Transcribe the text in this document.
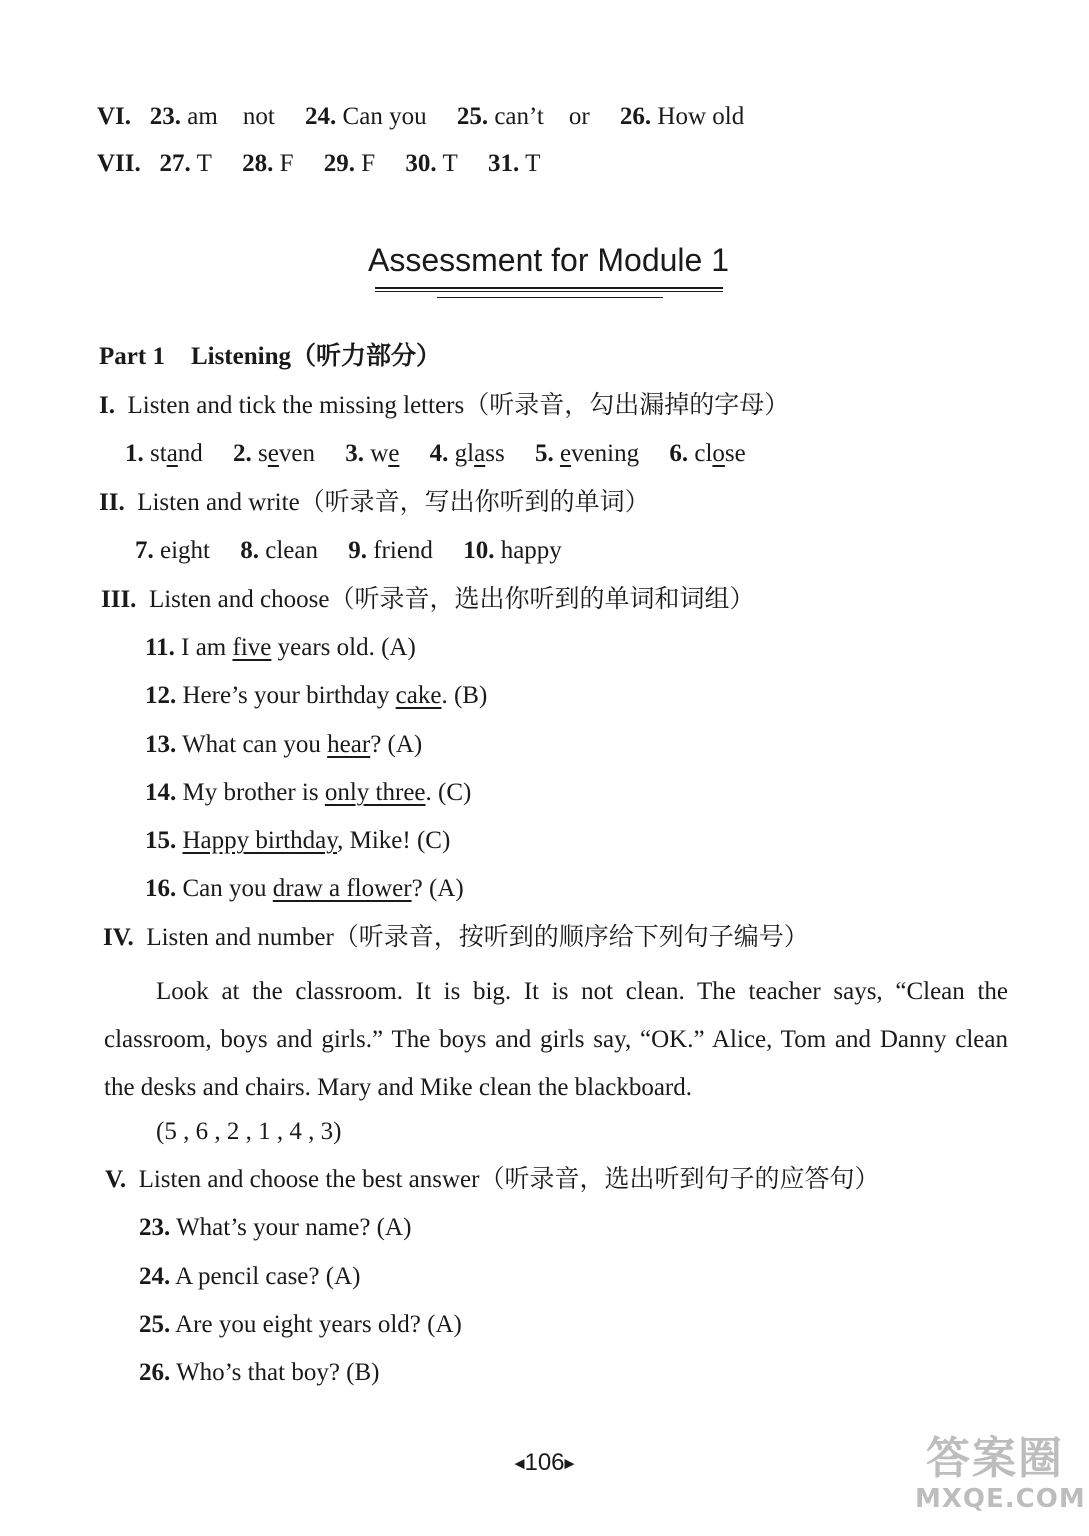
VI. 23. am    not 24. Can you 25. can’t    or 26. How old
VII. 27. T 28. F 29. F 30. T 31. T
Assessment for Module 1
Part 1 Listening（听力部分）
I. Listen and tick the missing letters（听录音，勾出漏掉的字母）
1. stand 2. seven 3. we 4. glass 5. evening 6. close
II. Listen and write（听录音，写出你听到的单词）
7. eight 8. clean 9. friend 10. happy
III. Listen and choose（听录音，选出你听到的单词和词组）
11. I am five years old. (A)
12. Here’s your birthday cake. (B)
13. What can you hear? (A)
14. My brother is only three. (C)
15. Happy birthday, Mike! (C)
16. Can you draw a flower? (A)
IV. Listen and number（听录音，按听到的顺序给下列句子编号）
Look at the classroom. It is big. It is not clean. The teacher says, “Clean the classroom, boys and girls.” The boys and girls say, “OK.” Alice, Tom and Danny clean the desks and chairs. Mary and Mike clean the blackboard.
(5 , 6 , 2 , 1 , 4 , 3)
V. Listen and choose the best answer（听录音，选出听到句子的应答句）
23. What’s your name? (A)
24. A pencil case? (A)
25. Are you eight years old? (A)
26. Who’s that boy? (B)
◀106▶	答案圈
MXQE.COM
